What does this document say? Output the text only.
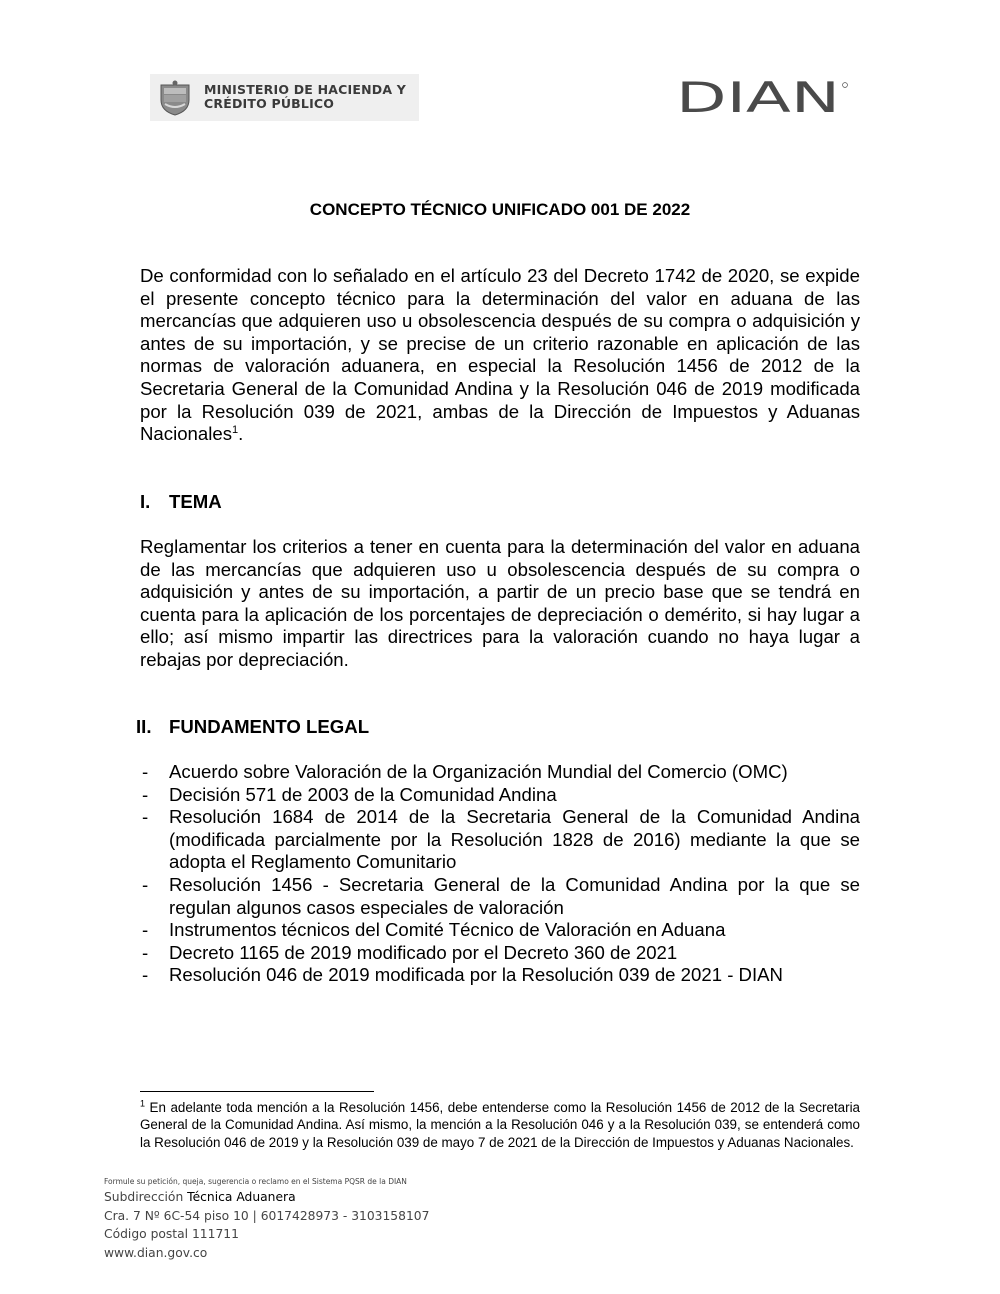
MINISTERIO DE HACIENDA Y
CRÉDITO PÚBLICO	DIAN
CONCEPTO TÉCNICO UNIFICADO 001 DE 2022
De conformidad con lo señalado en el artículo 23 del Decreto 1742 de 2020, se expide el presente concepto técnico para la determinación del valor en aduana de las mercancías que adquieren uso u obsolescencia después de su compra o adquisición y antes de su importación, y se precise de un criterio razonable en aplicación de las normas de valoración aduanera, en especial la Resolución 1456 de 2012 de la Secretaria General de la Comunidad Andina y la Resolución 046 de 2019 modificada por la Resolución 039 de 2021, ambas de la Dirección de Impuestos y Aduanas Nacionales$^1$.
I. TEMA
Reglamentar los criterios a tener en cuenta para la determinación del valor en aduana de las mercancías que adquieren uso u obsolescencia después de su compra o adquisición y antes de su importación, a partir de un precio base que se tendrá en cuenta para la aplicación de los porcentajes de depreciación o demérito, si hay lugar a ello; así mismo impartir las directrices para la valoración cuando no haya lugar a rebajas por depreciación.
II. FUNDAMENTO LEGAL
- Acuerdo sobre Valoración de la Organización Mundial del Comercio (OMC)
- Decisión 571 de 2003 de la Comunidad Andina
- Resolución 1684 de 2014 de la Secretaria General de la Comunidad Andina (modificada parcialmente por la Resolución 1828 de 2016) mediante la que se adopta el Reglamento Comunitario
- Resolución 1456 - Secretaria General de la Comunidad Andina por la que se regulan algunos casos especiales de valoración
- Instrumentos técnicos del Comité Técnico de Valoración en Aduana
- Decreto 1165 de 2019 modificado por el Decreto 360 de 2021
- Resolución 046 de 2019 modificada por la Resolución 039 de 2021 - DIAN
$^1$ En adelante toda mención a la Resolución 1456, debe entenderse como la Resolución 1456 de 2012 de la Secretaria General de la Comunidad Andina. Así mismo, la mención a la Resolución 046 y a la Resolución 039, se entenderá como la Resolución 046 de 2019 y la Resolución 039 de mayo 7 de 2021 de la Dirección de Impuestos y Aduanas Nacionales.
Formule su petición, queja, sugerencia o reclamo en el Sistema PQSR de la DIAN
Subdirección Técnica Aduanera
Cra. 7 Nº 6C-54 piso 10 | 6017428973 - 3103158107
Código postal 111711
www.dian.gov.co
